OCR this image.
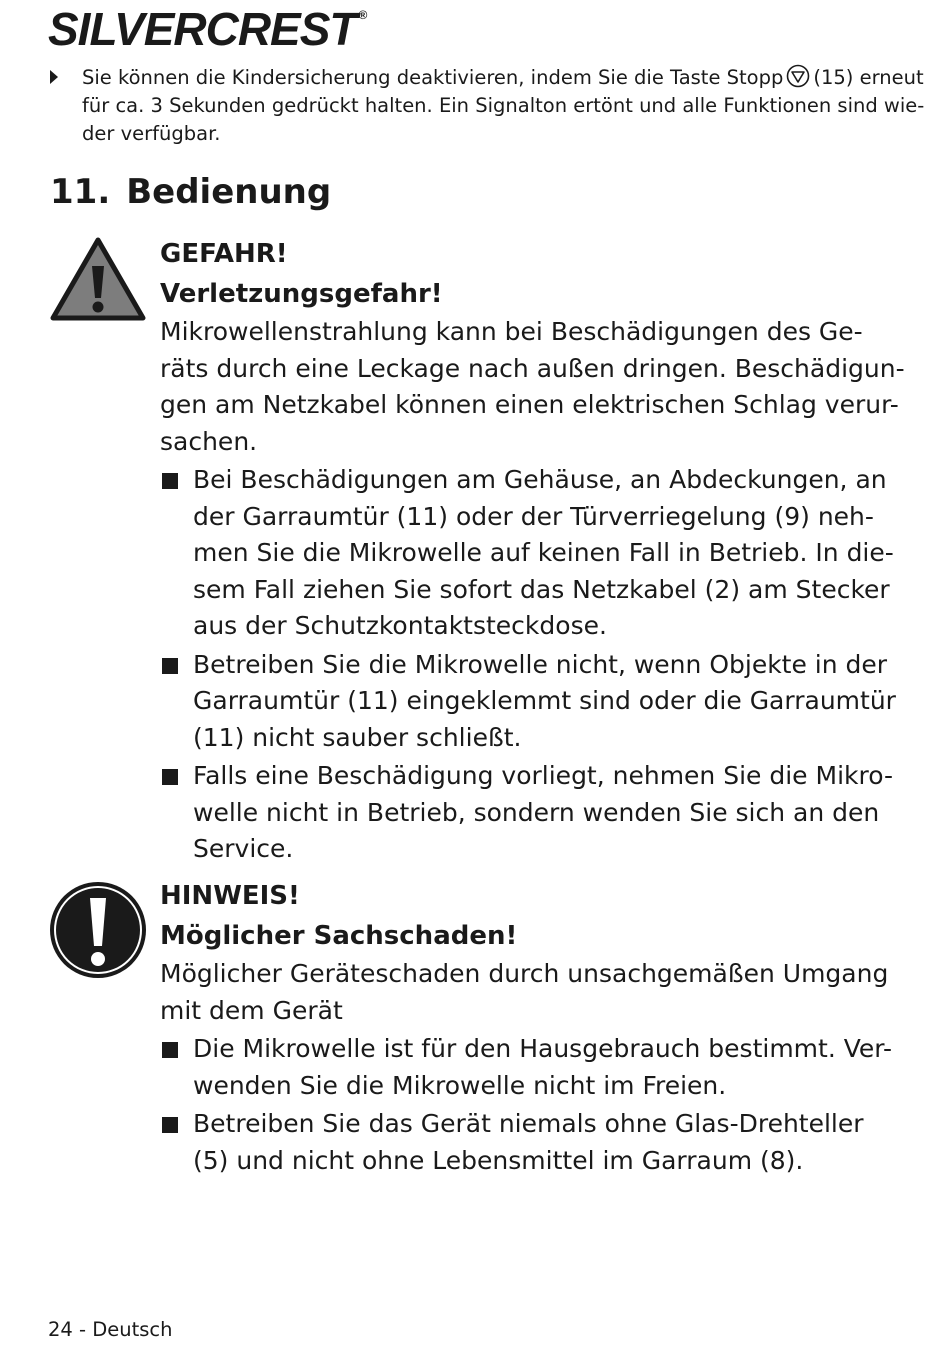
SILVERCREST ®
Sie können die Kindersicherung deaktivieren, indem Sie die Taste Stopp (15) erneut
für ca. 3 Sekunden gedrückt halten. Ein Signalton ertönt und alle Funktionen sind wie-
der verfügbar.
11. Bedienung
GEFAHR!
Verletzungsgefahr!
Mikrowellenstrahlung kann bei Beschädigungen des Ge-
räts durch eine Leckage nach außen dringen. Beschädigun-
gen am Netzkabel können einen elektrischen Schlag verur-
sachen.
Bei Beschädigungen am Gehäuse, an Abdeckungen, an
der Garraumtür (11) oder der Türverriegelung (9) neh-
men Sie die Mikrowelle auf keinen Fall in Betrieb. In die-
sem Fall ziehen Sie sofort das Netzkabel (2) am Stecker
aus der Schutzkontaktsteckdose.
Betreiben Sie die Mikrowelle nicht, wenn Objekte in der
Garraumtür (11) eingeklemmt sind oder die Garraumtür
(11) nicht sauber schließt.
Falls eine Beschädigung vorliegt, nehmen Sie die Mikro-
welle nicht in Betrieb, sondern wenden Sie sich an den
Service.
HINWEIS!
Möglicher Sachschaden!
Möglicher Geräteschaden durch unsachgemäßen Umgang
mit dem Gerät
Die Mikrowelle ist für den Hausgebrauch bestimmt. Ver-
wenden Sie die Mikrowelle nicht im Freien.
Betreiben Sie das Gerät niemals ohne Glas-Drehteller
(5) und nicht ohne Lebensmittel im Garraum (8).
24 - Deutsch
